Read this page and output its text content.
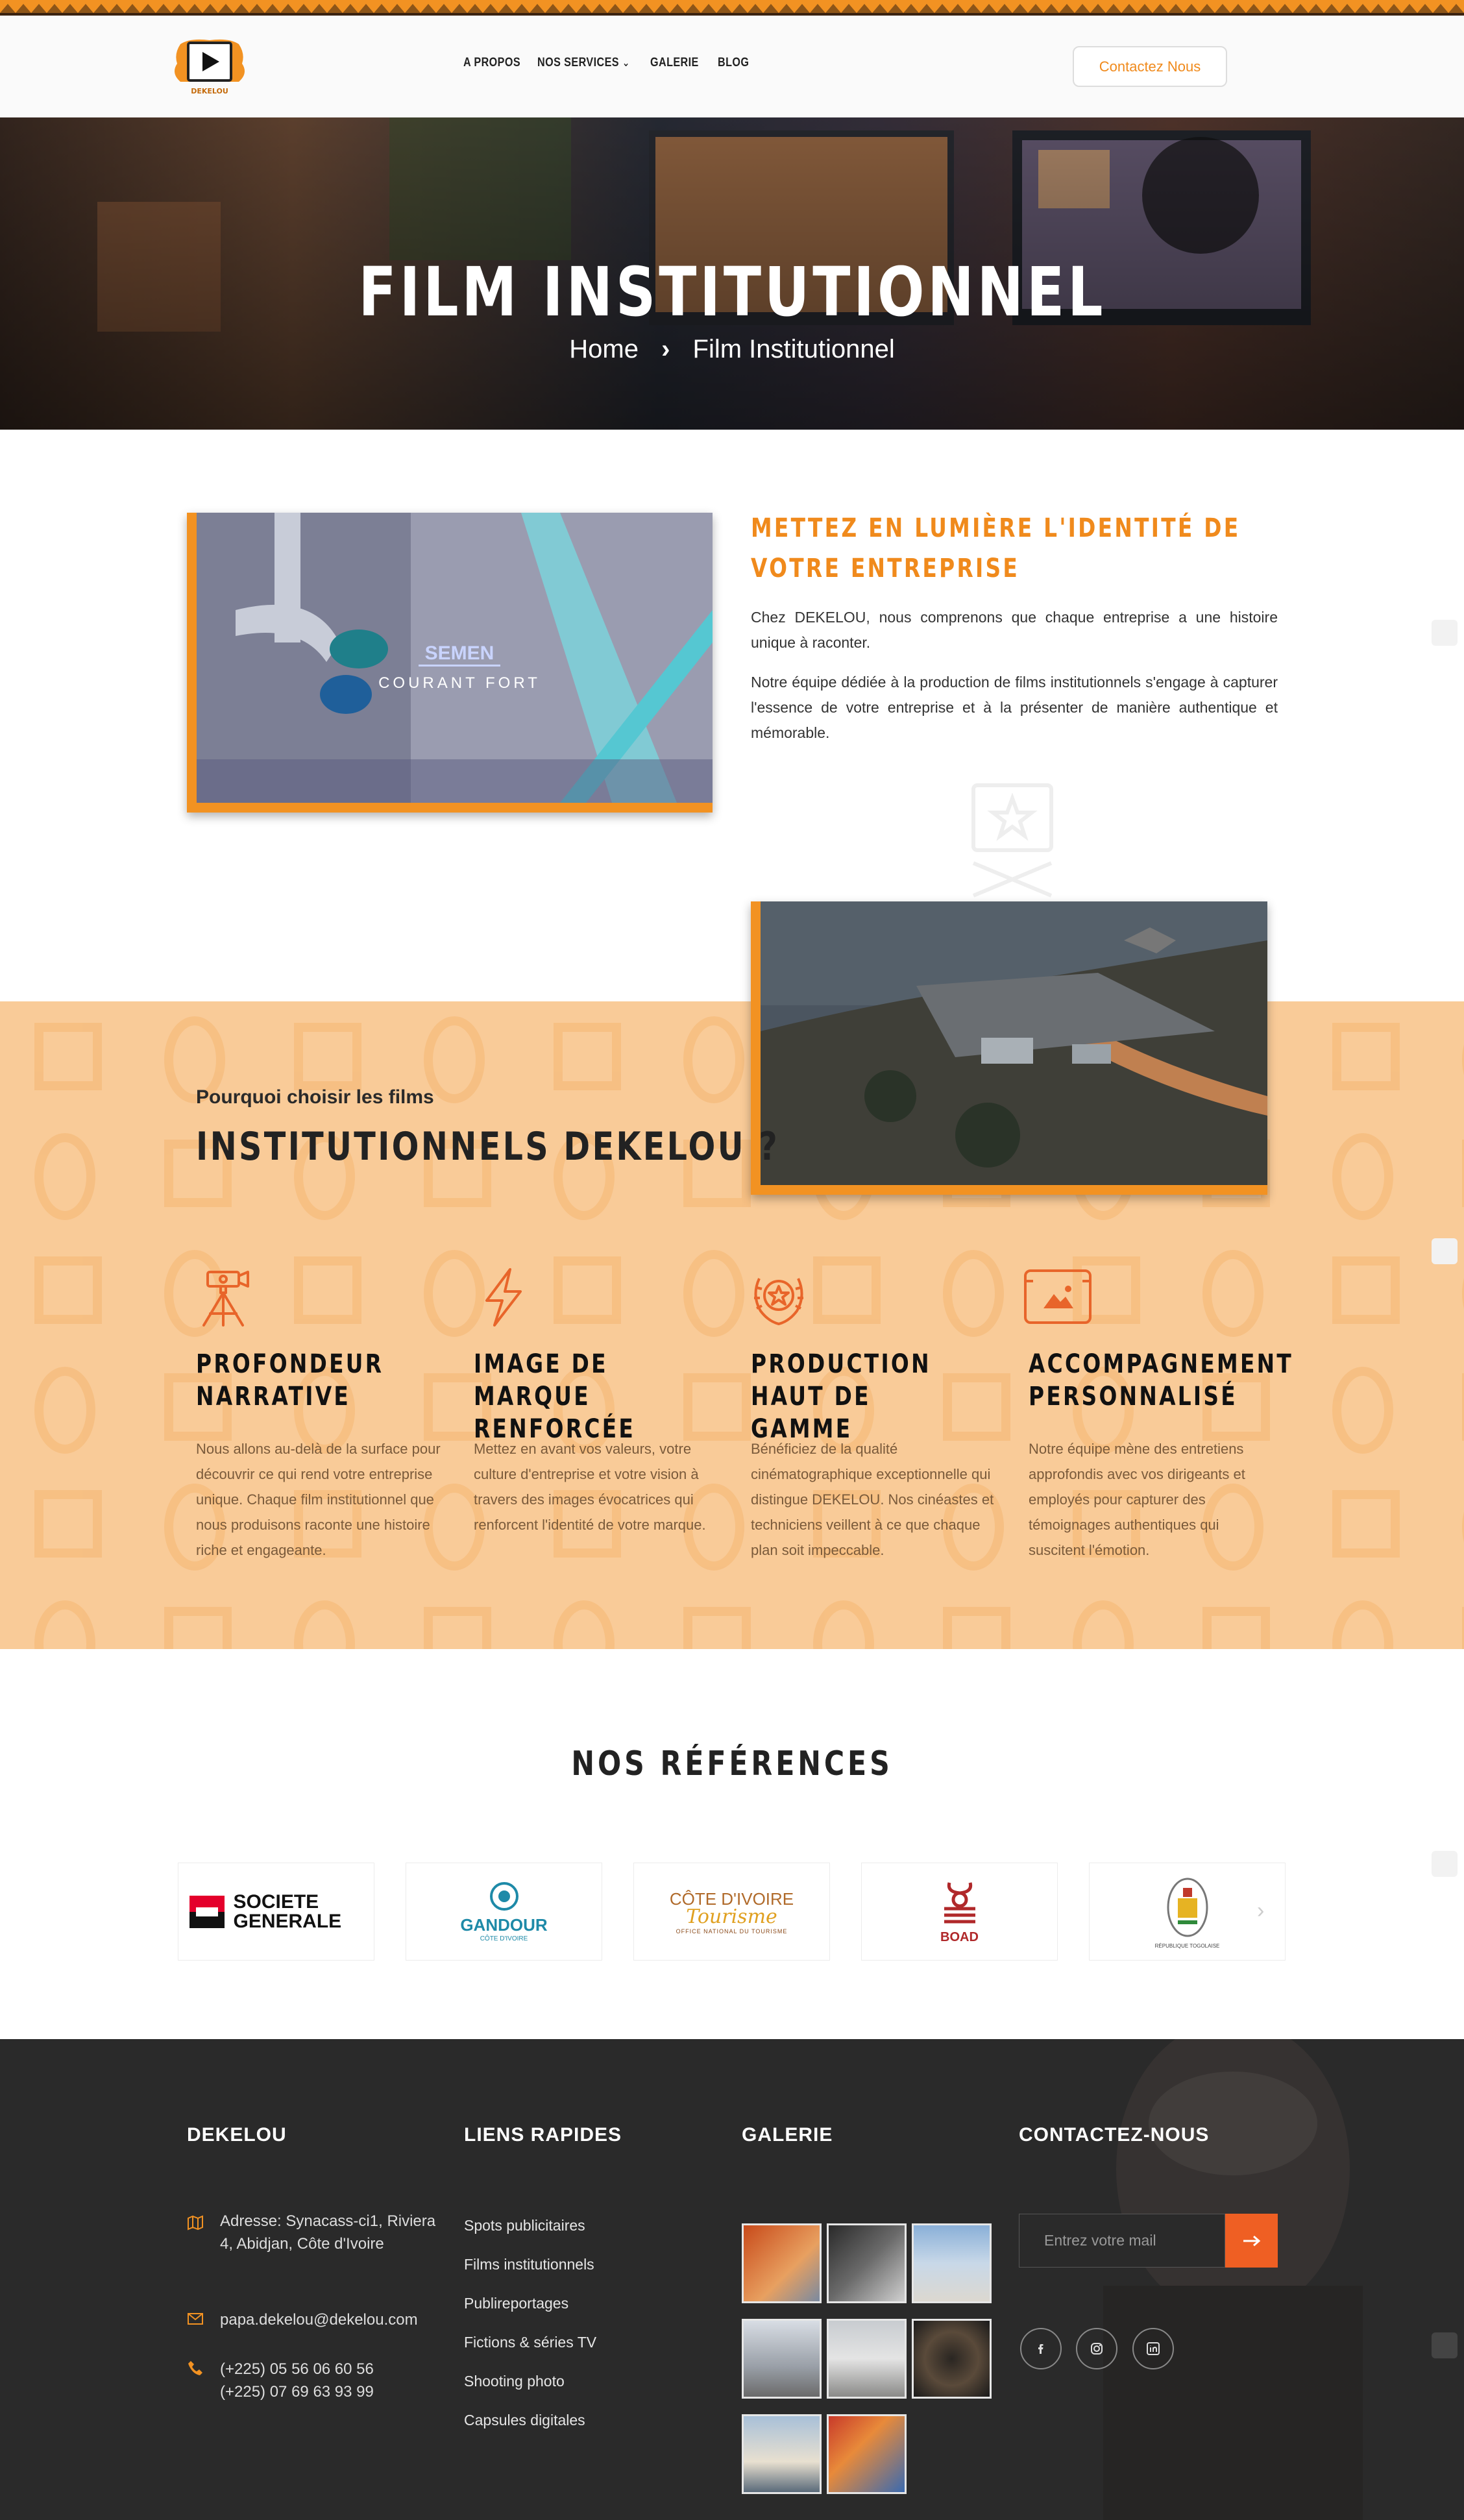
DEKELOU
A PROPOS NOS SERVICES ⌄ GALERIE BLOG	Contactez Nous
FILM INSTITUTIONNEL
Home › Film Institutionnel
SEMEN
COURANT FORT
METTEZ EN LUMIÈRE L'IDENTITÉ DE VOTRE ENTREPRISE

Chez DEKELOU, nous comprenons que chaque entreprise a une histoire unique à raconter.

Notre équipe dédiée à la production de films institutionnels s'engage à capturer l'essence de votre entreprise et à la présenter de manière authentique et mémorable.

Pourquoi choisir les films
INSTITUTIONNELS DEKELOU ?
PROFONDEUR NARRATIVE

Nous allons au-delà de la surface pour découvrir ce qui rend votre entreprise unique. Chaque film institutionnel que nous produisons raconte une histoire riche et engageante.

IMAGE DE MARQUE RENFORCÉE

Mettez en avant vos valeurs, votre culture d'entreprise et votre vision à travers des images évocatrices qui renforcent l'identité de votre marque.

PRODUCTION HAUT DE GAMME

Bénéficiez de la qualité cinématographique exceptionnelle qui distingue DEKELOU. Nos cinéastes et techniciens veillent à ce que chaque plan soit impeccable.

ACCOMPAGNEMENT PERSONNALISÉ

Notre équipe mène des entretiens approfondis avec vos dirigeants et employés pour capturer des témoignages authentiques qui suscitent l'émotion.

NOS RÉFÉRENCES
SOCIETE GENERALE	GANDOUR
CÔTE D'IVOIRE
CÔTE D'IVOIRE
Tourisme
OFFICE NATIONAL DU TOURISME	BOAD
RÉPUBLIQUE TOGOLAISE
›
DEKELOU	LIENS RAPIDES	GALERIE	CONTACTEZ-NOUS

Adresse: Synacass-ci1, Riviera 4, Abidjan, Côte d'Ivoire

papa.dekelou@dekelou.com

(+225) 05 56 06 60 56

(+225) 07 69 63 93 99

Spots publicitaires
Films institutionnels
Publireportages
Fictions & séries TV
Shooting photo
Capsules digitales
Entrez votre mail
